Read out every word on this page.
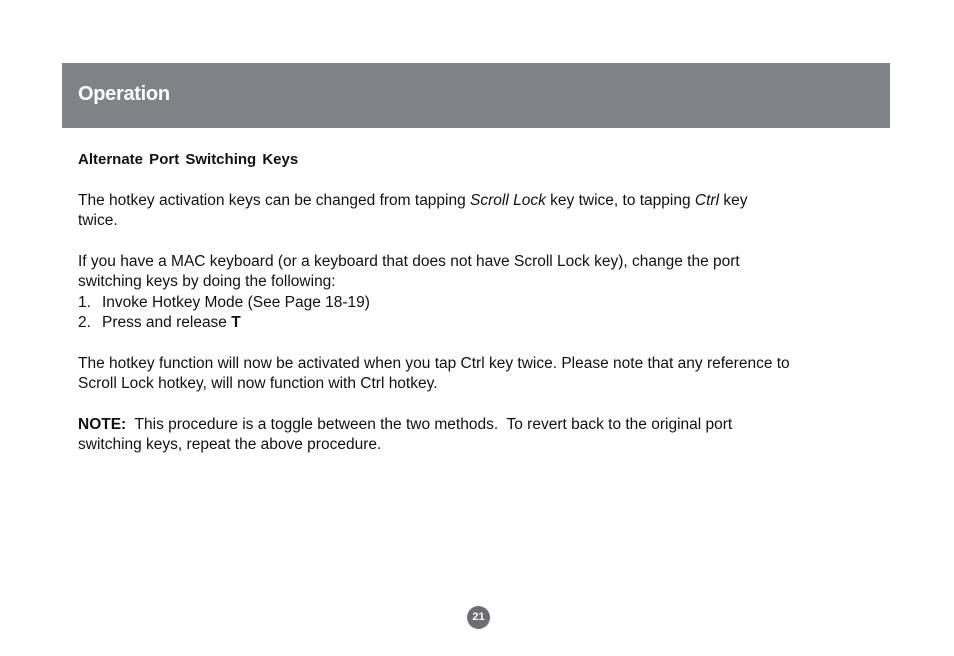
Operation
Alternate Port Switching Keys

The hotkey activation keys can be changed from tapping Scroll Lock key twice, to tapping Ctrl key
twice.

If you have a MAC keyboard (or a keyboard that does not have Scroll Lock key), change the port
switching keys by doing the following:

1. Invoke Hotkey Mode (See Page 18-19)
2. Press and release T

The hotkey function will now be activated when you tap Ctrl key twice. Please note that any reference to
Scroll Lock hotkey, will now function with Ctrl hotkey.

NOTE:  This procedure is a toggle between the two methods.  To revert back to the original port
switching keys, repeat the above procedure.

21
